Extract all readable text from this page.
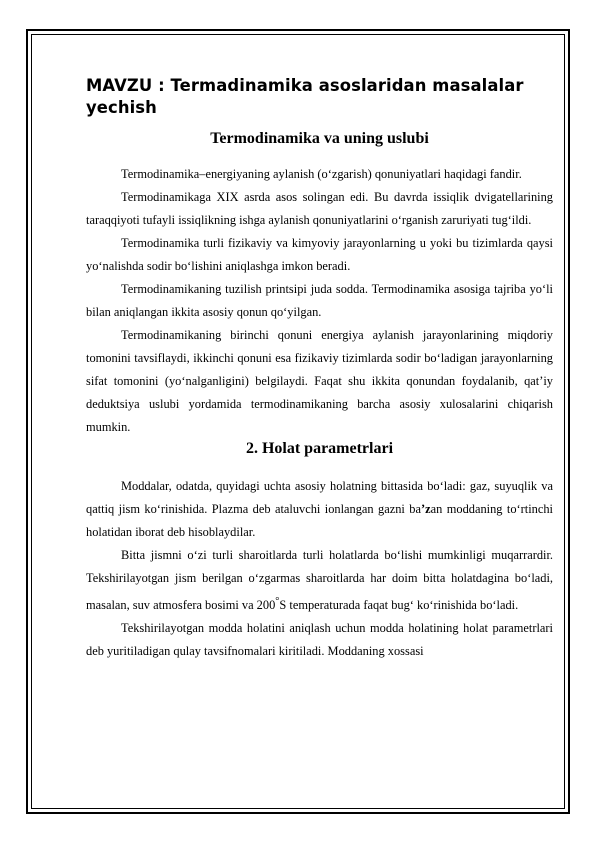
MAVZU : Termadinamika asoslaridan masalalar yechish
Termodinamika va uning uslubi

Termodinamika–energiyaning aylanish (o‘zgarish) qonuniyatlari haqidagi fandir.

Termodinamikaga XIX asrda asos solingan edi. Bu davrda issiqlik dvigatellarining taraqqiyoti tufayli issiqlikning ishga aylanish qonuniyatlarini o‘rganish zaruriyati tug‘ildi.

Termodinamika turli fizikaviy va kimyoviy jarayonlarning u yoki bu tizimlarda qaysi yo‘nalishda sodir bo‘lishini aniqlashga imkon beradi.

Termodinamikaning tuzilish printsipi juda sodda. Termodinamika asosiga tajriba yo‘li bilan aniqlangan ikkita asosiy qonun qo‘yilgan.

Termodinamikaning birinchi qonuni energiya aylanish jarayonlarining miqdoriy tomonini tavsiflaydi, ikkinchi qonuni esa fizikaviy tizimlarda sodir bo‘ladigan jarayonlarning sifat tomonini (yo‘nalganligini) belgilaydi. Faqat shu ikkita qonundan foydalanib, qat’iy deduktsiya uslubi yordamida termodinamikaning barcha asosiy xulosalarini chiqarish mumkin.

2. Holat parametrlari

Moddalar, odatda, quyidagi uchta asosiy holatning bittasida bo‘ladi: gaz, suyuqlik va qattiq jism ko‘rinishida. Plazma deb ataluvchi ionlangan gazni ba’zan moddaning to‘rtinchi holatidan iborat deb hisoblaydilar.

Bitta jismni o‘zi turli sharoitlarda turli holatlarda bo‘lishi mumkinligi muqarrardir. Tekshirilayotgan jism berilgan o‘zgarmas sharoitlarda har doim bitta holatdagina bo‘ladi, masalan, suv atmosfera bosimi va 200°S temperaturada faqat bug‘ ko‘rinishida bo‘ladi.

Tekshirilayotgan modda holatini aniqlash uchun modda holatining holat parametrlari deb yuritiladigan qulay tavsifnomalari kiritiladi. Moddaning xossasi
